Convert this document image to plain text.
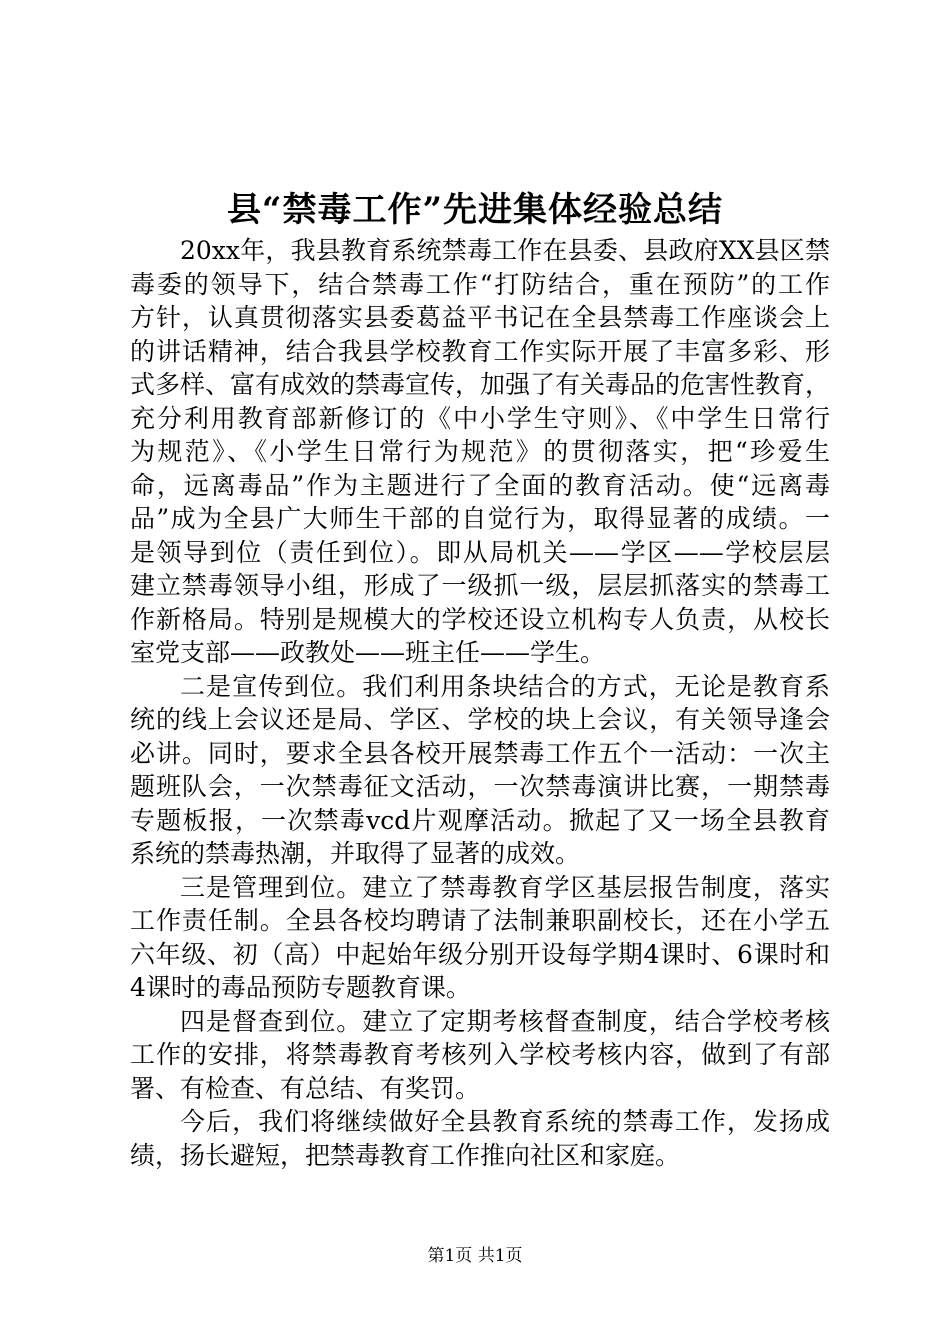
县“禁毒工作”先进集体经验总结
20xx年，我县教育系统禁毒工作在县委、县政府XX县区禁
毒委的领导下，结合禁毒工作“打防结合，重在预防”的工作
方针，认真贯彻落实县委葛益平书记在全县禁毒工作座谈会上
的讲话精神，结合我县学校教育工作实际开展了丰富多彩、形
式多样、富有成效的禁毒宣传，加强了有关毒品的危害性教育，
充分利用教育部新修订的《中小学生守则》、《中学生日常行
为规范》、《小学生日常行为规范》的贯彻落实，把“珍爱生
命，远离毒品”作为主题进行了全面的教育活动。使“远离毒
品”成为全县广大师生干部的自觉行为，取得显著的成绩。一
是领导到位（责任到位）。即从局机关——学区——学校层层
建立禁毒领导小组，形成了一级抓一级，层层抓落实的禁毒工
作新格局。特别是规模大的学校还设立机构专人负责，从校长
室党支部——政教处——班主任——学生。
二是宣传到位。我们利用条块结合的方式，无论是教育系
统的线上会议还是局、学区、学校的块上会议，有关领导逢会
必讲。同时，要求全县各校开展禁毒工作五个一活动：一次主
题班队会，一次禁毒征文活动，一次禁毒演讲比赛，一期禁毒
专题板报，一次禁毒vcd片观摩活动。掀起了又一场全县教育
系统的禁毒热潮，并取得了显著的成效。
三是管理到位。建立了禁毒教育学区基层报告制度，落实
工作责任制。全县各校均聘请了法制兼职副校长，还在小学五
六年级、初（高）中起始年级分别开设每学期4课时、6课时和
4课时的毒品预防专题教育课。
四是督查到位。建立了定期考核督查制度，结合学校考核
工作的安排，将禁毒教育考核列入学校考核内容，做到了有部
署、有检查、有总结、有奖罚。
今后，我们将继续做好全县教育系统的禁毒工作，发扬成
绩，扬长避短，把禁毒教育工作推向社区和家庭。
第1页 共1页
